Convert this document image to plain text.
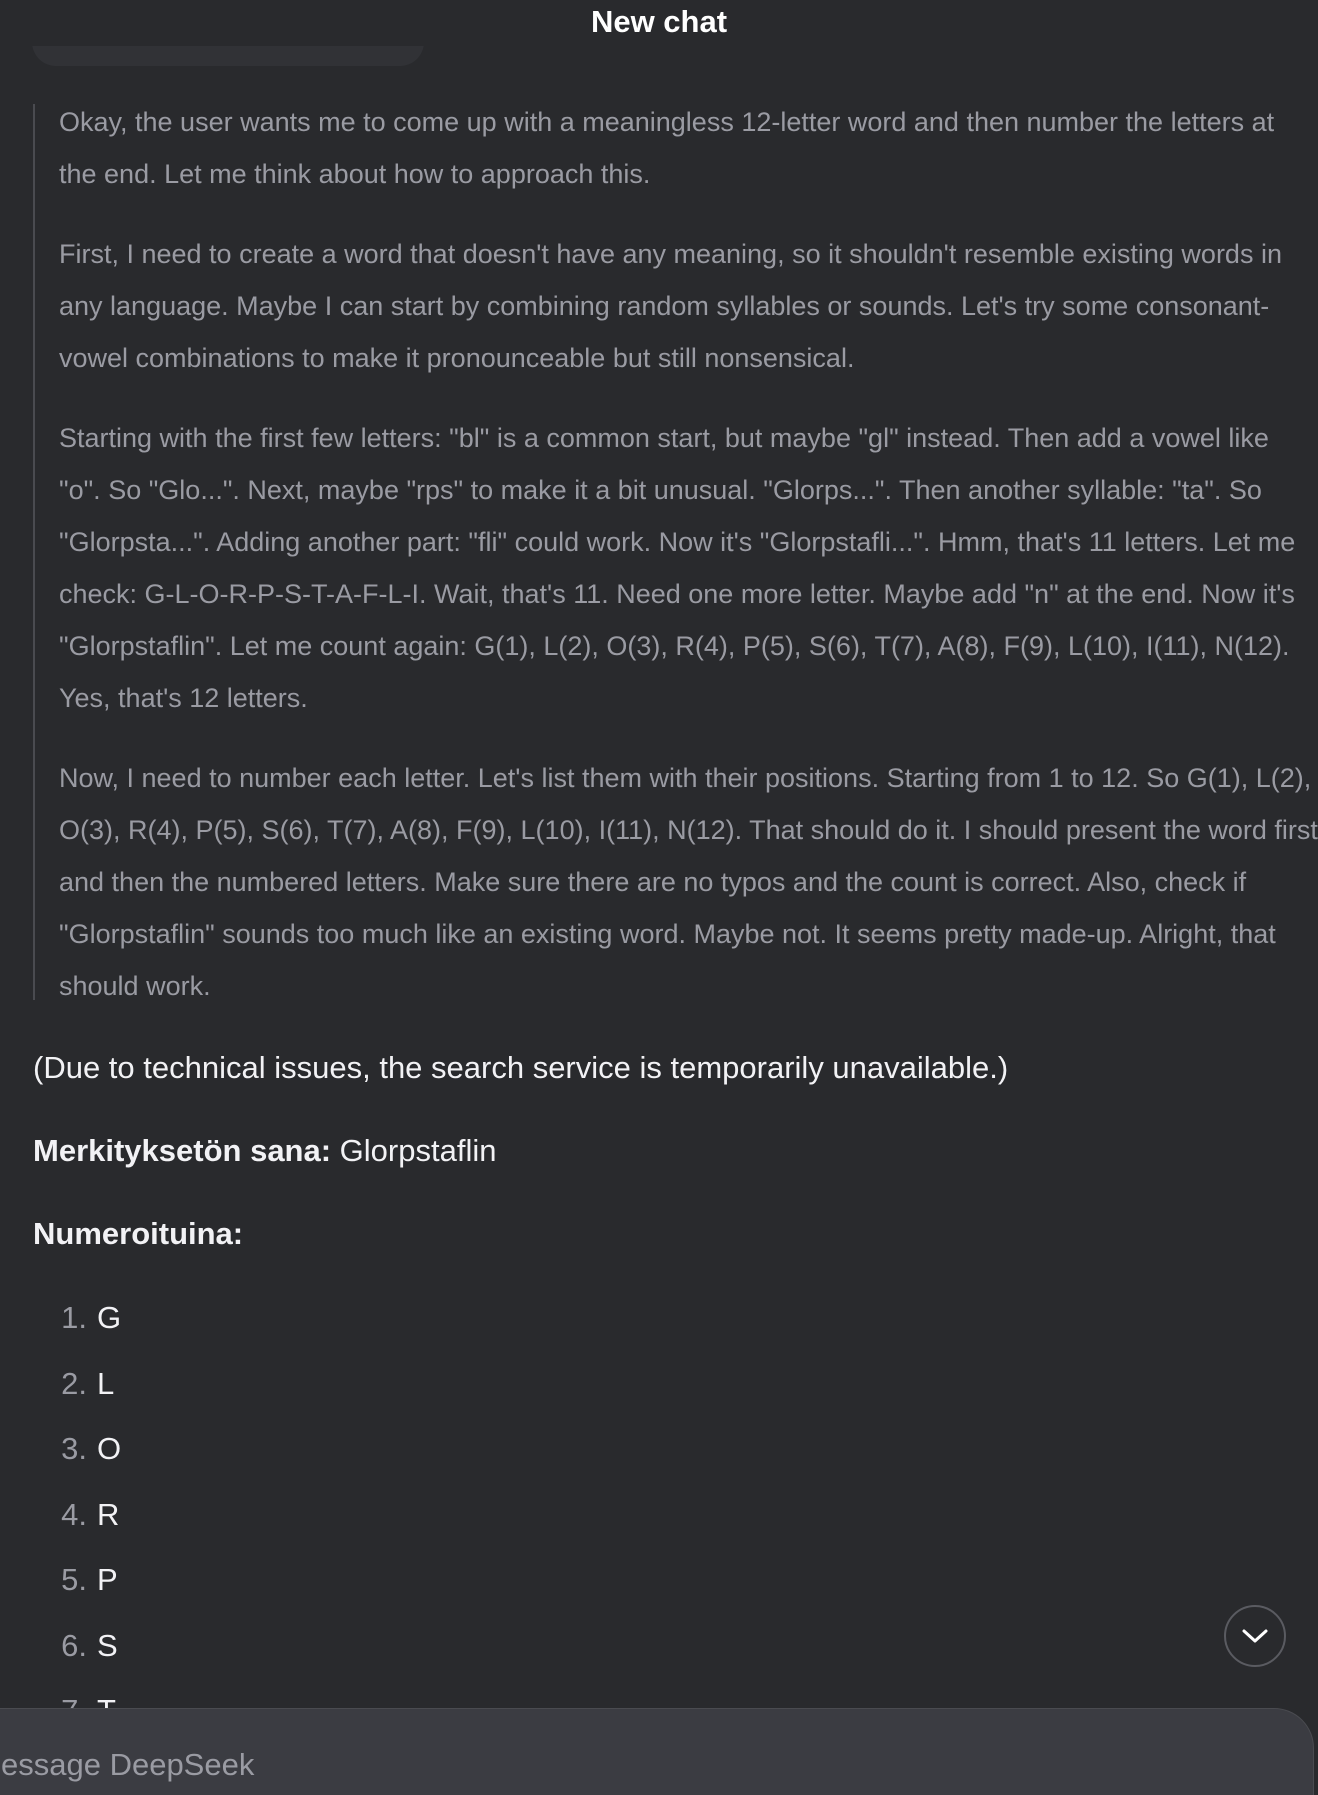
New chat

Okay, the user wants me to come up with a meaningless 12-letter word and then number the letters at the end. Let me think about how to approach this.

First, I need to create a word that doesn't have any meaning, so it shouldn't resemble existing words in any language. Maybe I can start by combining random syllables or sounds. Let's try some consonant-vowel combinations to make it pronounceable but still nonsensical.

Starting with the first few letters: "bl" is a common start, but maybe "gl" instead. Then add a vowel like "o". So "Glo...". Next, maybe "rps" to make it a bit unusual. "Glorps...". Then another syllable: "ta". So "Glorpsta...". Adding another part: "fli" could work. Now it's "Glorpstafli...". Hmm, that's 11 letters. Let me check: G-L-O-R-P-S-T-A-F-L-I. Wait, that's 11. Need one more letter. Maybe add "n" at the end. Now it's "Glorpstaflin". Let me count again: G(1), L(2), O(3), R(4), P(5), S(6), T(7), A(8), F(9), L(10), I(11), N(12). Yes, that's 12 letters.

Now, I need to number each letter. Let's list them with their positions. Starting from 1 to 12. So G(1), L(2), O(3), R(4), P(5), S(6), T(7), A(8), F(9), L(10), I(11), N(12). That should do it. I should present the word first and then the numbered letters. Make sure there are no typos and the count is correct. Also, check if "Glorpstaflin" sounds too much like an existing word. Maybe not. It seems pretty made-up. Alright, that should work.

(Due to technical issues, the search service is temporarily unavailable.)
Merkityksetön sana: Glorpstaflin
Numeroituina:
1. G
2. L
3. O
4. R
5. P
6. S
essage DeepSeek
